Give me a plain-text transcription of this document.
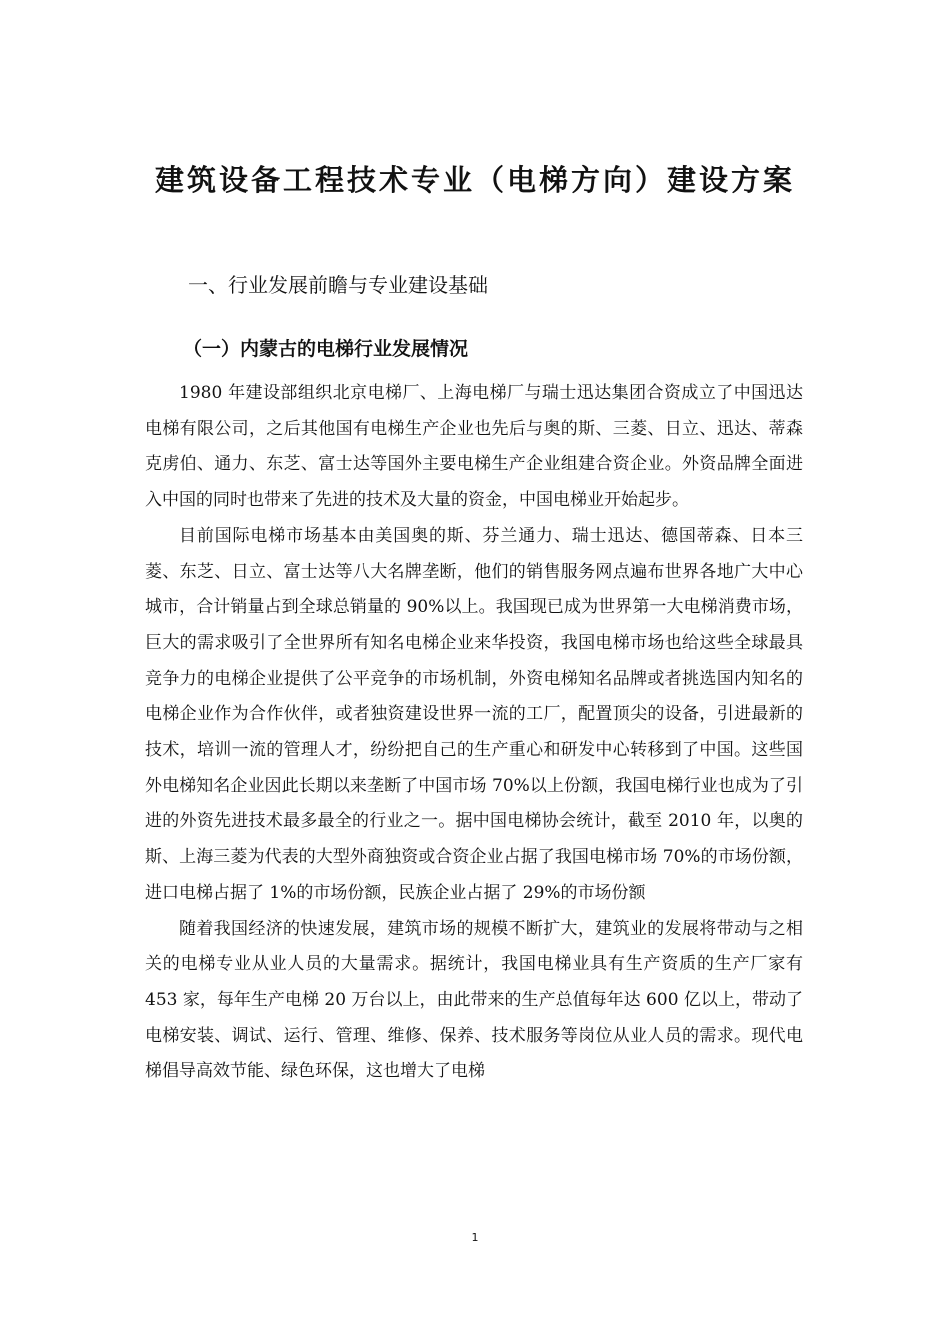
建筑设备工程技术专业（电梯方向）建设方案
一、行业发展前瞻与专业建设基础
（一）内蒙古的电梯行业发展情况

1980 年建设部组织北京电梯厂、上海电梯厂与瑞士迅达集团合资成立了中国迅达电梯有限公司，之后其他国有电梯生产企业也先后与奥的斯、三菱、日立、迅达、蒂森克虏伯、通力、东芝、富士达等国外主要电梯生产企业组建合资企业。外资品牌全面进入中国的同时也带来了先进的技术及大量的资金，中国电梯业开始起步。

目前国际电梯市场基本由美国奥的斯、芬兰通力、瑞士迅达、德国蒂森、日本三菱、东芝、日立、富士达等八大名牌垄断，他们的销售服务网点遍布世界各地广大中心城市，合计销量占到全球总销量的 90%以上。我国现已成为世界第一大电梯消费市场，巨大的需求吸引了全世界所有知名电梯企业来华投资，我国电梯市场也给这些全球最具竞争力的电梯企业提供了公平竞争的市场机制，外资电梯知名品牌或者挑选国内知名的电梯企业作为合作伙伴，或者独资建设世界一流的工厂，配置顶尖的设备，引进最新的技术，培训一流的管理人才，纷纷把自己的生产重心和研发中心转移到了中国。这些国外电梯知名企业因此长期以来垄断了中国市场 70%以上份额，我国电梯行业也成为了引进的外资先进技术最多最全的行业之一。据中国电梯协会统计，截至 2010 年，以奥的斯、上海三菱为代表的大型外商独资或合资企业占据了我国电梯市场 70%的市场份额，进口电梯占据了 1%的市场份额，民族企业占据了 29%的市场份额

随着我国经济的快速发展，建筑市场的规模不断扩大，建筑业的发展将带动与之相关的电梯专业从业人员的大量需求。据统计，我国电梯业具有生产资质的生产厂家有 453 家，每年生产电梯 20 万台以上，由此带来的生产总值每年达 600 亿以上，带动了电梯安装、调试、运行、管理、维修、保养、技术服务等岗位从业人员的需求。现代电梯倡导高效节能、绿色环保，这也增大了电梯

1
